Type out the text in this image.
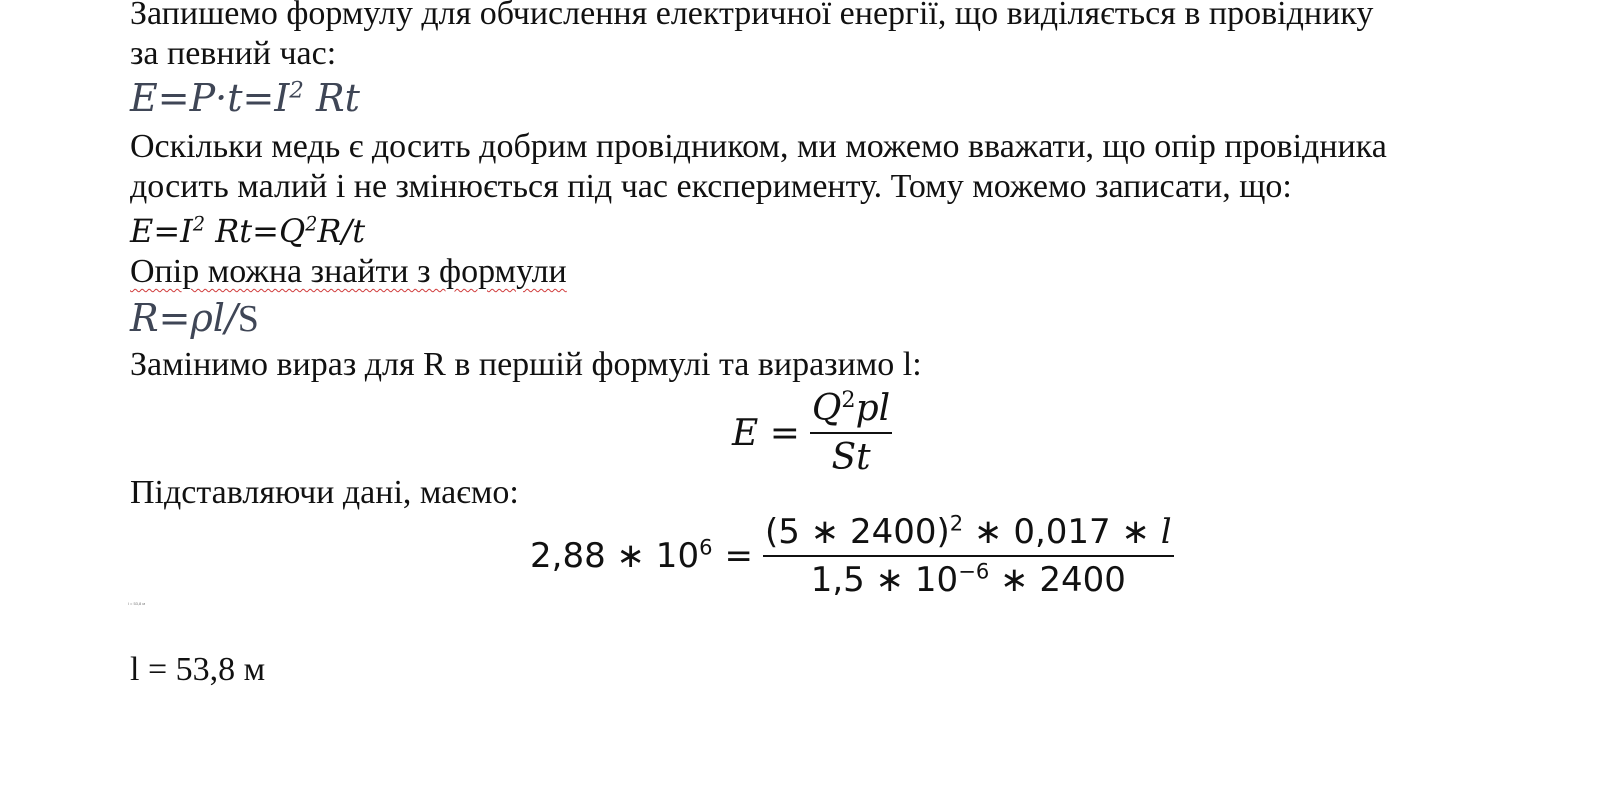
Запишемо формулу для обчислення електричної енергії, що виділяється в провіднику
за певний час:
$E=P\cdot t=I^2$ Rt
Оскільки медь є досить добрим провідником, ми можемо вважати, що опір провідника
досить малий і не змінюється під час експерименту. Тому можемо записати, що:
$E=I^2$ $Rt=Q^2R/t$
Опір можна знайти з формули
R=ρl/S
Замінимо вираз для R в першій формулі та виразимо l:
$E = \frac{Q^2pl}{St}$
Підставляючи дані, маємо:
2,88 ∗ $10^6 = \frac{(5 ∗ 2400)^2 ∗ 0,017 ∗ l}{1,5 ∗ 10^{-6} ∗ 2400}$
l = 53,8 м
l = 53,8 м
